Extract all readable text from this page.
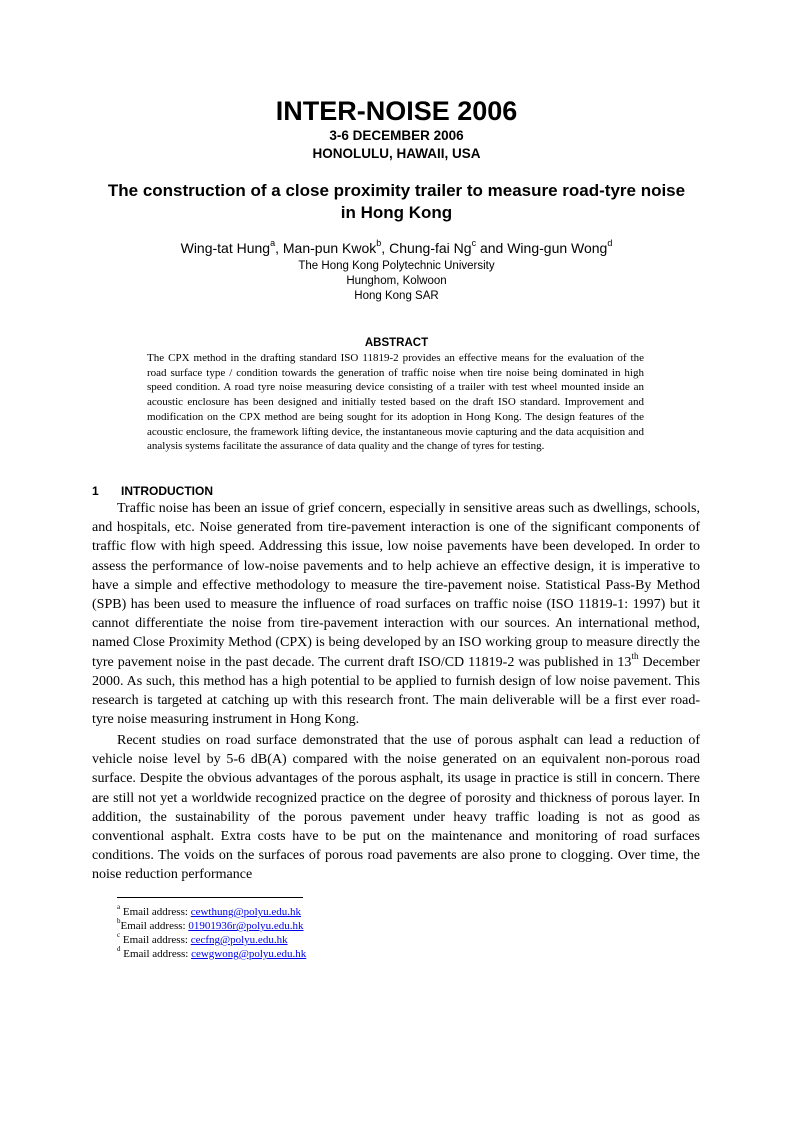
INTER-NOISE 2006
3-6 DECEMBER 2006
HONOLULU, HAWAII, USA
The construction of a close proximity trailer to measure road-tyre noise in Hong Kong
Wing-tat Hung$^a$, Man-pun Kwok$^b$, Chung-fai Ng$^c$ and Wing-gun Wong$^d$
The Hong Kong Polytechnic University
Hunghom, Kolwoon
Hong Kong SAR
ABSTRACT

The CPX method in the drafting standard ISO 11819-2 provides an effective means for the evaluation of the road surface type / condition towards the generation of traffic noise when tire noise being dominated in high speed condition. A road tyre noise measuring device consisting of a trailer with test wheel mounted inside an acoustic enclosure has been designed and initially tested based on the draft ISO standard. Improvement and modification on the CPX method are being sought for its adoption in Hong Kong. The design features of the acoustic enclosure, the framework lifting device, the instantaneous movie capturing and the data acquisition and analysis systems facilitate the assurance of data quality and the change of tyres for testing.

1 INTRODUCTION

Traffic noise has been an issue of grief concern, especially in sensitive areas such as dwellings, schools, and hospitals, etc. Noise generated from tire-pavement interaction is one of the significant components of traffic flow with high speed. Addressing this issue, low noise pavements have been developed. In order to assess the performance of low-noise pavements and to help achieve an effective design, it is imperative to have a simple and effective methodology to measure the tire-pavement noise. Statistical Pass-By Method (SPB) has been used to measure the influence of road surfaces on traffic noise (ISO 11819-1: 1997) but it cannot differentiate the noise from tire-pavement interaction with our sources. An international method, named Close Proximity Method (CPX) is being developed by an ISO working group to measure directly the tyre pavement noise in the past decade. The current draft ISO/CD 11819-2 was published in 13th December 2000. As such, this method has a high potential to be applied to furnish design of low noise pavement. This research is targeted at catching up with this research front. The main deliverable will be a first ever road-tyre noise measuring instrument in Hong Kong.

Recent studies on road surface demonstrated that the use of porous asphalt can lead a reduction of vehicle noise level by 5-6 dB(A) compared with the noise generated on an equivalent non-porous road surface. Despite the obvious advantages of the porous asphalt, its usage in practice is still in concern. There are still not yet a worldwide recognized practice on the degree of porosity and thickness of porous layer. In addition, the sustainability of the porous pavement under heavy traffic loading is not as good as conventional asphalt. Extra costs have to be put on the maintenance and monitoring of road surfaces conditions. The voids on the surfaces of porous road pavements are also prone to clogging. Over time, the noise reduction performance

$^a$ Email address: cewthung@polyu.edu.hk
$^b$Email address: 01901936r@polyu.edu.hk
$^c$ Email address: cecfng@polyu.edu.hk
$^d$ Email address: cewgwong@polyu.edu.hk
